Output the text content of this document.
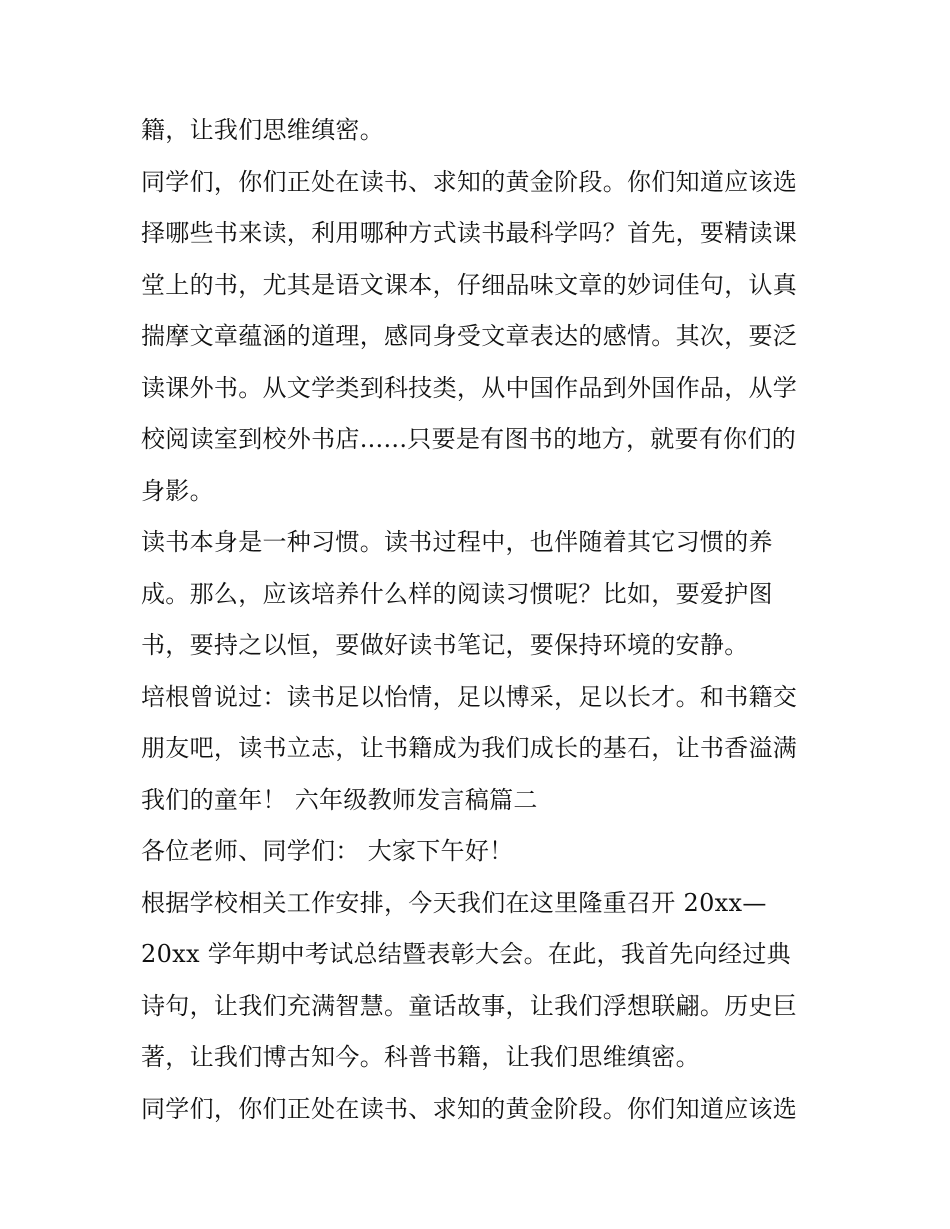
籍，让我们思维缜密。
同学们，你们正处在读书、求知的黄金阶段。你们知道应该选
择哪些书来读，利用哪种方式读书最科学吗？首先，要精读课
堂上的书，尤其是语文课本，仔细品味文章的妙词佳句，认真
揣摩文章蕴涵的道理，感同身受文章表达的感情。其次，要泛
读课外书。从文学类到科技类，从中国作品到外国作品，从学
校阅读室到校外书店......只要是有图书的地方，就要有你们的
身影。
读书本身是一种习惯。读书过程中，也伴随着其它习惯的养
成。那么，应该培养什么样的阅读习惯呢？比如，要爱护图
书，要持之以恒，要做好读书笔记，要保持环境的安静。
培根曾说过：读书足以怡情，足以博采，足以长才。和书籍交
朋友吧，读书立志，让书籍成为我们成长的基石，让书香溢满
我们的童年！ 六年级教师发言稿篇二
各位老师、同学们： 大家下午好！
根据学校相关工作安排，今天我们在这里隆重召开 20xx—
20xx 学年期中考试总结暨表彰大会。在此，我首先向经过典
诗句，让我们充满智慧。童话故事，让我们浮想联翩。历史巨
著，让我们博古知今。科普书籍，让我们思维缜密。
同学们，你们正处在读书、求知的黄金阶段。你们知道应该选
